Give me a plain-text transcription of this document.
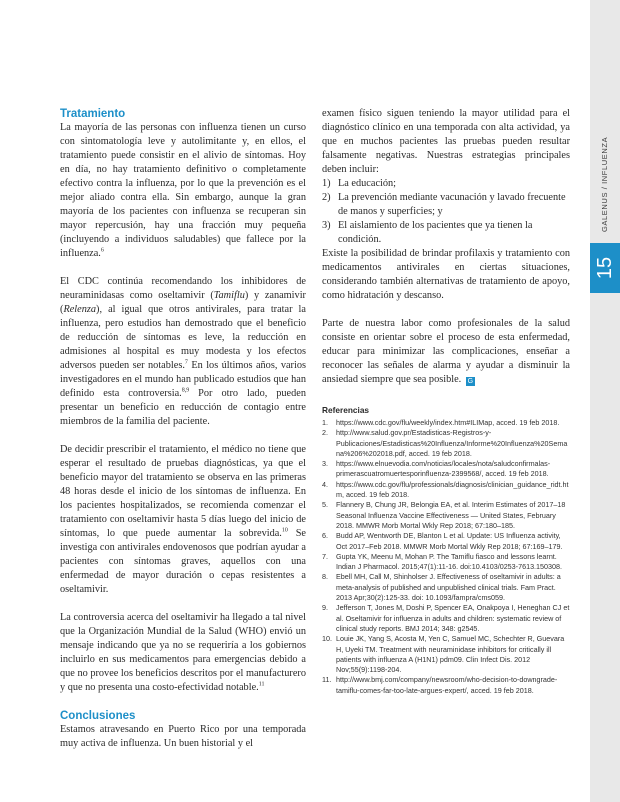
GALENUS / INFLUENZA
15
Tratamiento

La mayoría de las personas con influenza tienen un curso con sintomatología leve y autolimitante y, en ellos, el tratamiento puede consistir en el alivio de síntomas. Hoy en día, no hay tratamiento definitivo o completamente efectivo contra la influenza, por lo que la prevención es el mejor aliado contra ella. Sin embargo, aunque la gran mayoría de los pacientes con influenza se recuperan sin mayor repercusión, hay una fracción muy pequeña (incluyendo a individuos saludables) que fallece por la influenza.$^6$

El CDC continúa recomendando los inhibidores de neuraminidasas como oseltamivir (Tamiflu) y zanamivir (Relenza), al igual que otros antivirales, para tratar la influenza, pero estudios han demostrado que el beneficio de reducción de síntomas es leve, la reducción en admisiones al hospital es muy modesta y los efectos adversos pueden ser notables.$^7$ En los últimos años, varios investigadores en el mundo han publicado estudios que han definido esta controversia.$^{8,9}$ Por otro lado, pueden presentar un beneficio en reducción de contagio entre miembros de la familia del paciente.

De decidir prescribir el tratamiento, el médico no tiene que esperar el resultado de pruebas diagnósticas, ya que el beneficio mayor del tratamiento se observa en las primeras 48 horas desde el inicio de los síntomas de influenza. En los pacientes hospitalizados, se recomienda comenzar el tratamiento con oseltamivir hasta 5 días luego del inicio de síntomas, lo que puede aumentar la sobrevida.$^{10}$ Se investiga con antivirales endovenosos que podrían ayudar a pacientes con síntomas graves, aquellos con una enfermedad de mayor duración o cepas resistentes a oseltamivir.

La controversia acerca del oseltamivir ha llegado a tal nivel que la Organización Mundial de la Salud (WHO) envió un mensaje indicando que ya no se requeriría a los gobiernos incluirlo en sus medicamentos para emergencias debido a que no provee los beneficios descritos por el manufacturero y que no presenta una costo-efectividad notable.$^{11}$

Conclusiones

Estamos atravesando en Puerto Rico por una temporada muy activa de influenza. Un buen historial y el

examen físico siguen teniendo la mayor utilidad para el diagnóstico clínico en una temporada con alta actividad, ya que en muchos pacientes las pruebas pueden resultar falsamente negativas. Nuestras estrategias principales deben incluir:

1) La educación;
2) La prevención mediante vacunación y lavado frecuente de manos y superficies; y
3) El aislamiento de los pacientes que ya tienen la condición.

Existe la posibilidad de brindar profilaxis y tratamiento con medicamentos antivirales en ciertas situaciones, considerando también alternativas de tratamiento de apoyo, como hidratación y descanso.

Parte de nuestra labor como profesionales de la salud consiste en orientar sobre el proceso de esta enfermedad, educar para minimizar las complicaciones, enseñar a reconocer las señales de alarma y ayudar a disminuir la ansiedad siempre que sea posible. G

Referencias
1. https://www.cdc.gov/flu/weekly/index.htm#ILIMap, acced. 19 feb 2018.
2. http://www.salud.gov.pr/Estadisticas-Registros-y-Publicaciones/Estadisticas%20Influenza/Informe%20Influenza%20Semana%206%202018.pdf, acced. 19 feb 2018.
3. https://www.elnuevodia.com/noticias/locales/nota/saludconfirmalas-primerascuatromuertesporinfluenza-2399568/, acced. 19 feb 2018.
4. https://www.cdc.gov/flu/professionals/diagnosis/clinician_guidance_ridt.htm, acced. 19 feb 2018.
5. Flannery B, Chung JR, Belongia EA, et al. Interim Estimates of 2017–18 Seasonal Influenza Vaccine Effectiveness — United States, February 2018. MMWR Morb Mortal Wkly Rep 2018; 67:180–185.
6. Budd AP, Wentworth DE, Blanton L et al. Update: US Influenza activity, Oct 2017–Feb 2018. MMWR Morb Mortal Wkly Rep 2018; 67:169–179.
7. Gupta YK, Meenu M, Mohan P. The Tamiflu fiasco and lessons learnt. Indian J Pharmacol. 2015;47(1):11-16. doi:10.4103/0253-7613.150308.
8. Ebell MH, Call M, Shinholser J. Effectiveness of oseltamivir in adults: a meta-analysis of published and unpublished clinical trials. Fam Pract. 2013 Apr;30(2):125-33. doi: 10.1093/fampra/cms059.
9. Jefferson T, Jones M, Doshi P, Spencer EA, Onakpoya I, Heneghan CJ et al. Oseltamivir for influenza in adults and children: systematic review of clinical study reports. BMJ 2014; 348: g2545.
10. Louie JK, Yang S, Acosta M, Yen C, Samuel MC, Schechter R, Guevara H, Uyeki TM. Treatment with neuraminidase inhibitors for critically ill patients with influenza A (H1N1) pdm09. Clin Infect Dis. 2012 Nov;55(9):1198-204.
11. http://www.bmj.com/company/newsroom/who-decision-to-downgrade-tamiflu-comes-far-too-late-argues-expert/, acced. 19 feb 2018.
